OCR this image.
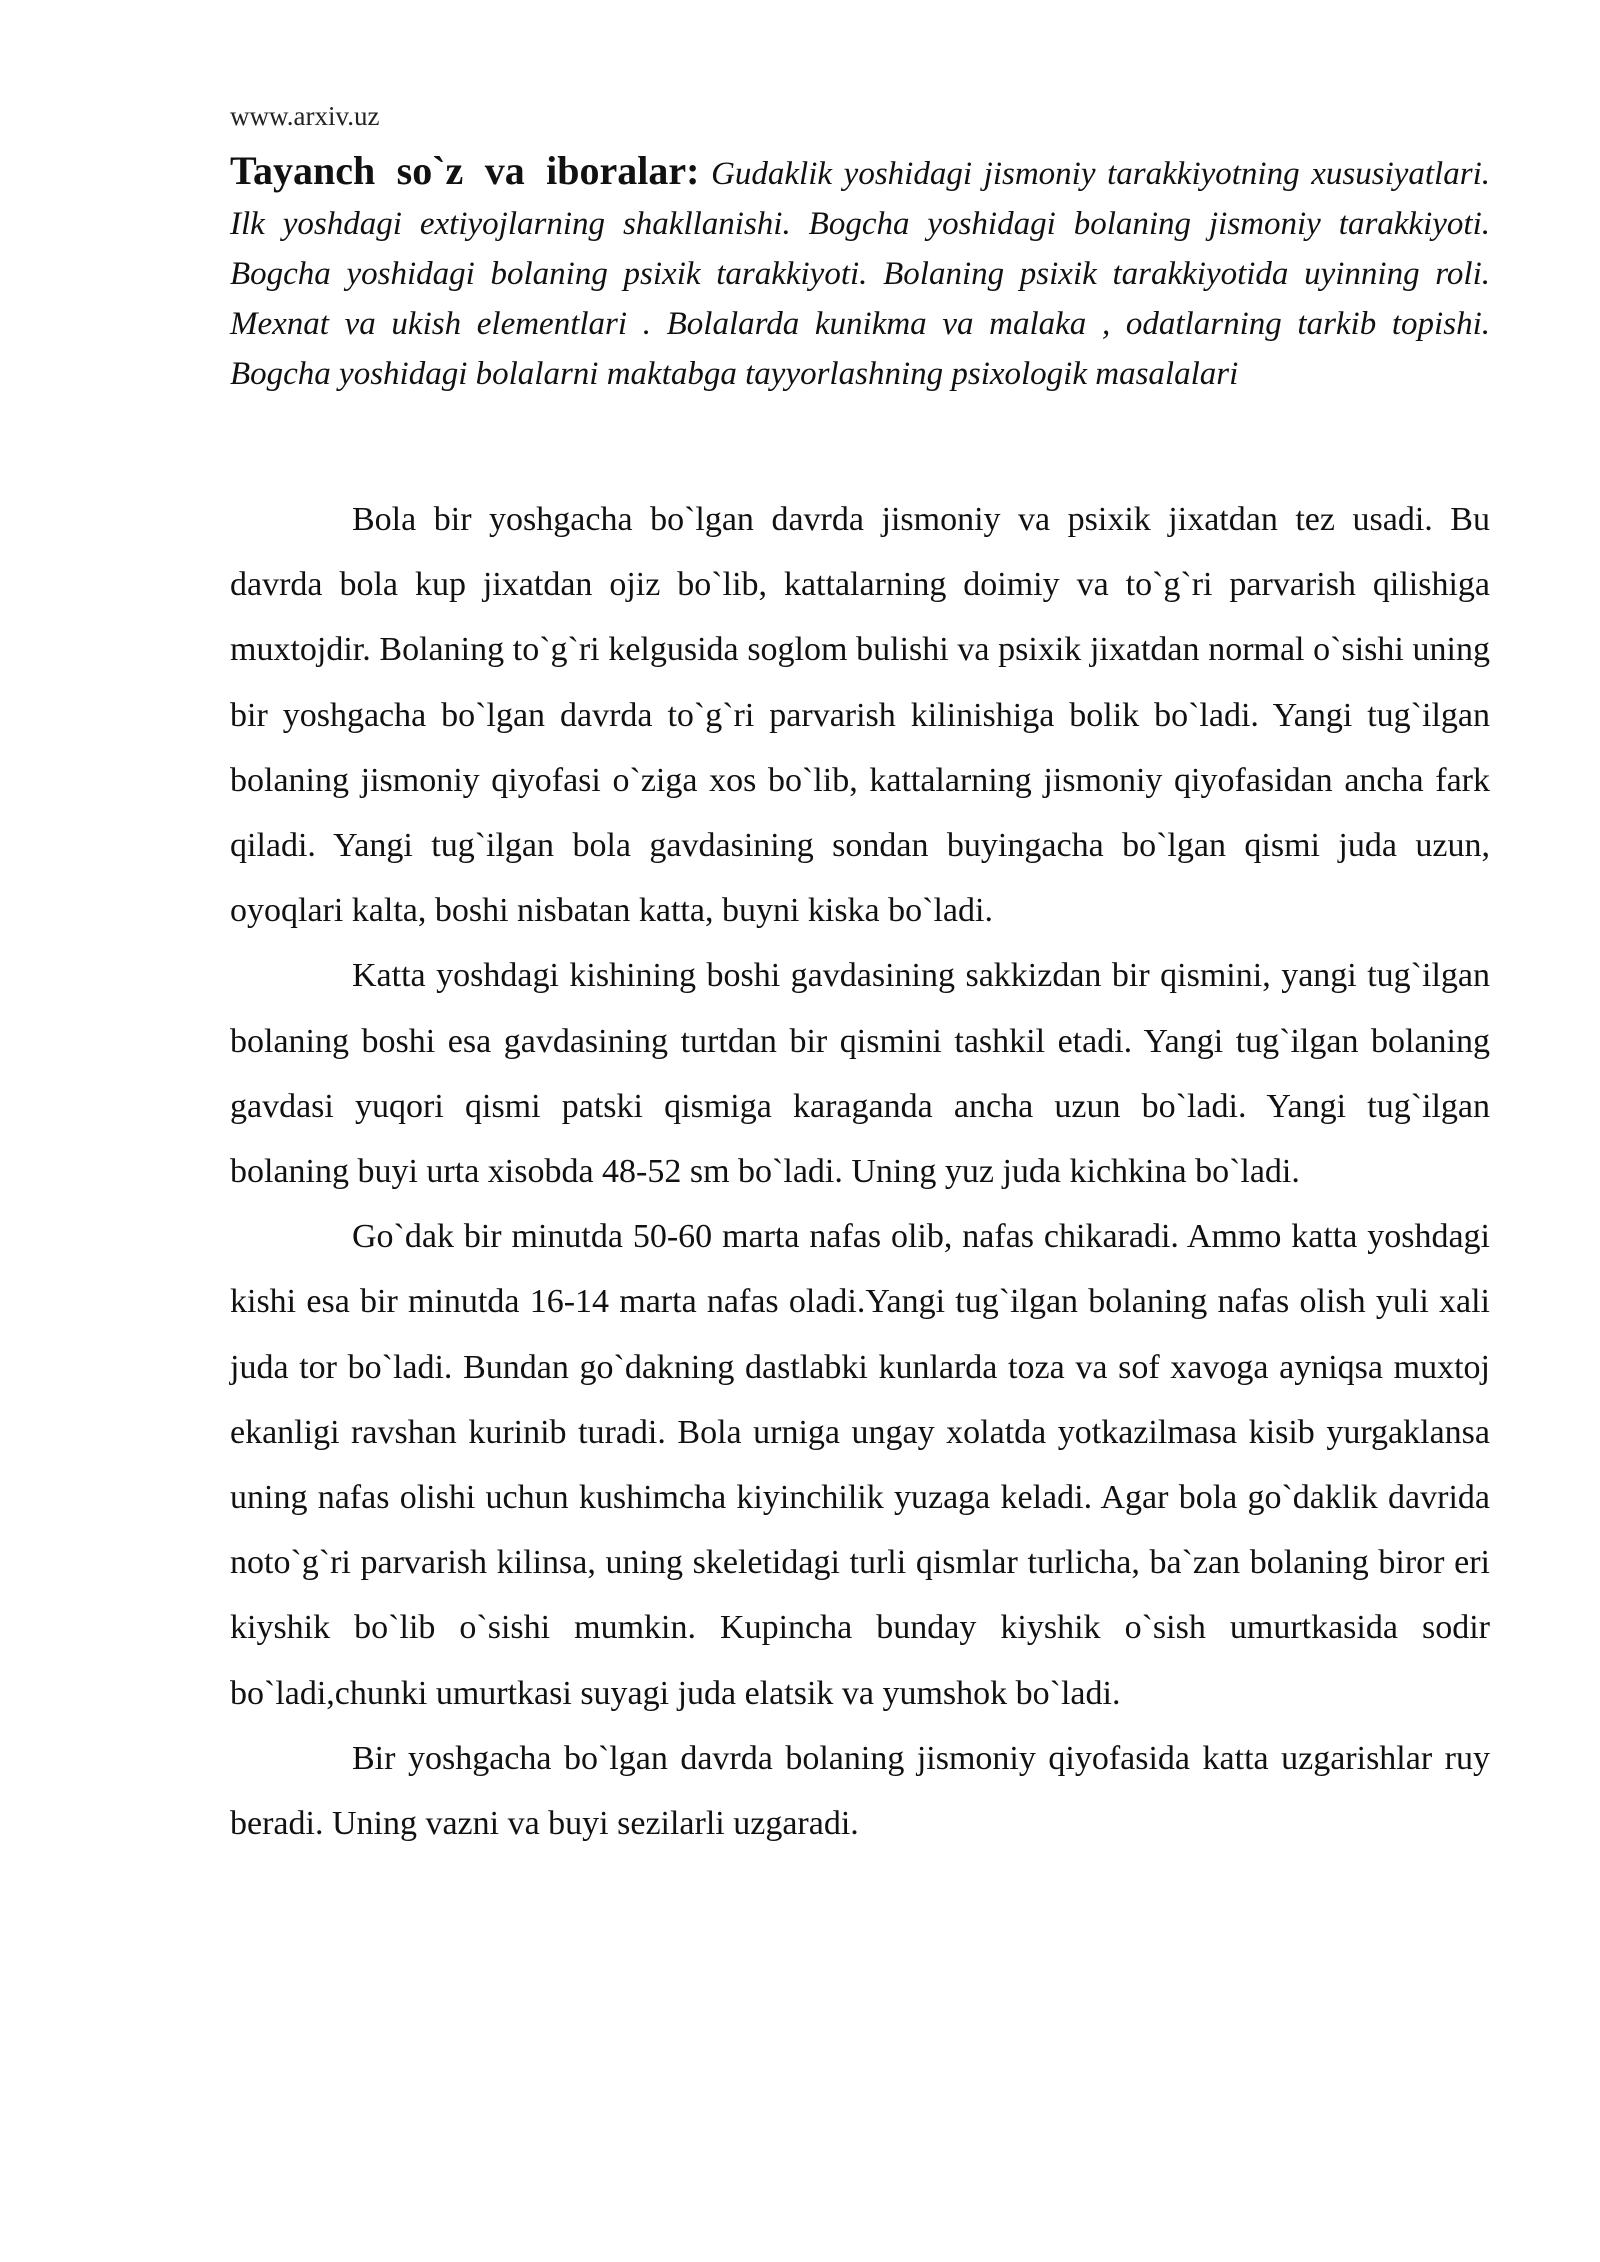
www.arxiv.uz

Tayanch so`z va iboralar: Gudaklik yoshidagi jismoniy tarakkiyotning xususiyatlari. Ilk yoshdagi extiyojlarning shakllanishi. Bogcha yoshidagi bolaning jismoniy tarakkiyoti. Bogcha yoshidagi bolaning psixik tarakkiyoti. Bolaning psixik tarakkiyotida uyinning roli. Mexnat va ukish elementlari . Bolalarda kunikma va malaka , odatlarning tarkib topishi. Bogcha yoshidagi bolalarni maktabga tayyorlashning psixologik masalalari

Bola bir yoshgacha bo`lgan davrda jismoniy va psixik jixatdan tez usadi. Bu davrda bola kup jixatdan ojiz bo`lib, kattalarning doimiy va to`g`ri parvarish qilishiga muxtojdir. Bolaning to`g`ri kelgusida soglom bulishi va psixik jixatdan normal o`sishi uning bir yoshgacha bo`lgan davrda to`g`ri parvarish kilinishiga bolik bo`ladi. Yangi tug`ilgan bolaning jismoniy qiyofasi o`ziga xos bo`lib, kattalarning jismoniy qiyofasidan ancha fark qiladi. Yangi tug`ilgan bola gavdasining sondan buyingacha bo`lgan qismi juda uzun, oyoqlari kalta, boshi nisbatan katta, buyni kiska bo`ladi.

Katta yoshdagi kishining boshi gavdasining sakkizdan bir qismini, yangi tug`ilgan bolaning boshi esa gavdasining turtdan bir qismini tashkil etadi. Yangi tug`ilgan bolaning gavdasi yuqori qismi patski qismiga karaganda ancha uzun bo`ladi. Yangi tug`ilgan bolaning buyi urta xisobda 48-52 sm bo`ladi. Uning yuz juda kichkina bo`ladi.

Go`dak bir minutda 50-60 marta nafas olib, nafas chikaradi. Ammo katta yoshdagi kishi esa bir minutda 16-14 marta nafas oladi.Yangi tug`ilgan bolaning nafas olish yuli xali juda tor bo`ladi. Bundan go`dakning dastlabki kunlarda toza va sof xavoga ayniqsa muxtoj ekanligi ravshan kurinib turadi. Bola urniga ungay xolatda yotkazilmasa kisib yurgaklansa uning nafas olishi uchun kushimcha kiyinchilik yuzaga keladi. Agar bola go`daklik davrida noto`g`ri parvarish kilinsa, uning skeletidagi turli qismlar turlicha, ba`zan bolaning biror eri kiyshik bo`lib o`sishi mumkin. Kupincha bunday kiyshik o`sish umurtkasida sodir bo`ladi,chunki umurtkasi suyagi juda elatsik va yumshok bo`ladi.

Bir yoshgacha bo`lgan davrda bolaning jismoniy qiyofasida katta uzgarishlar ruy beradi. Uning vazni va buyi sezilarli uzgaradi.
